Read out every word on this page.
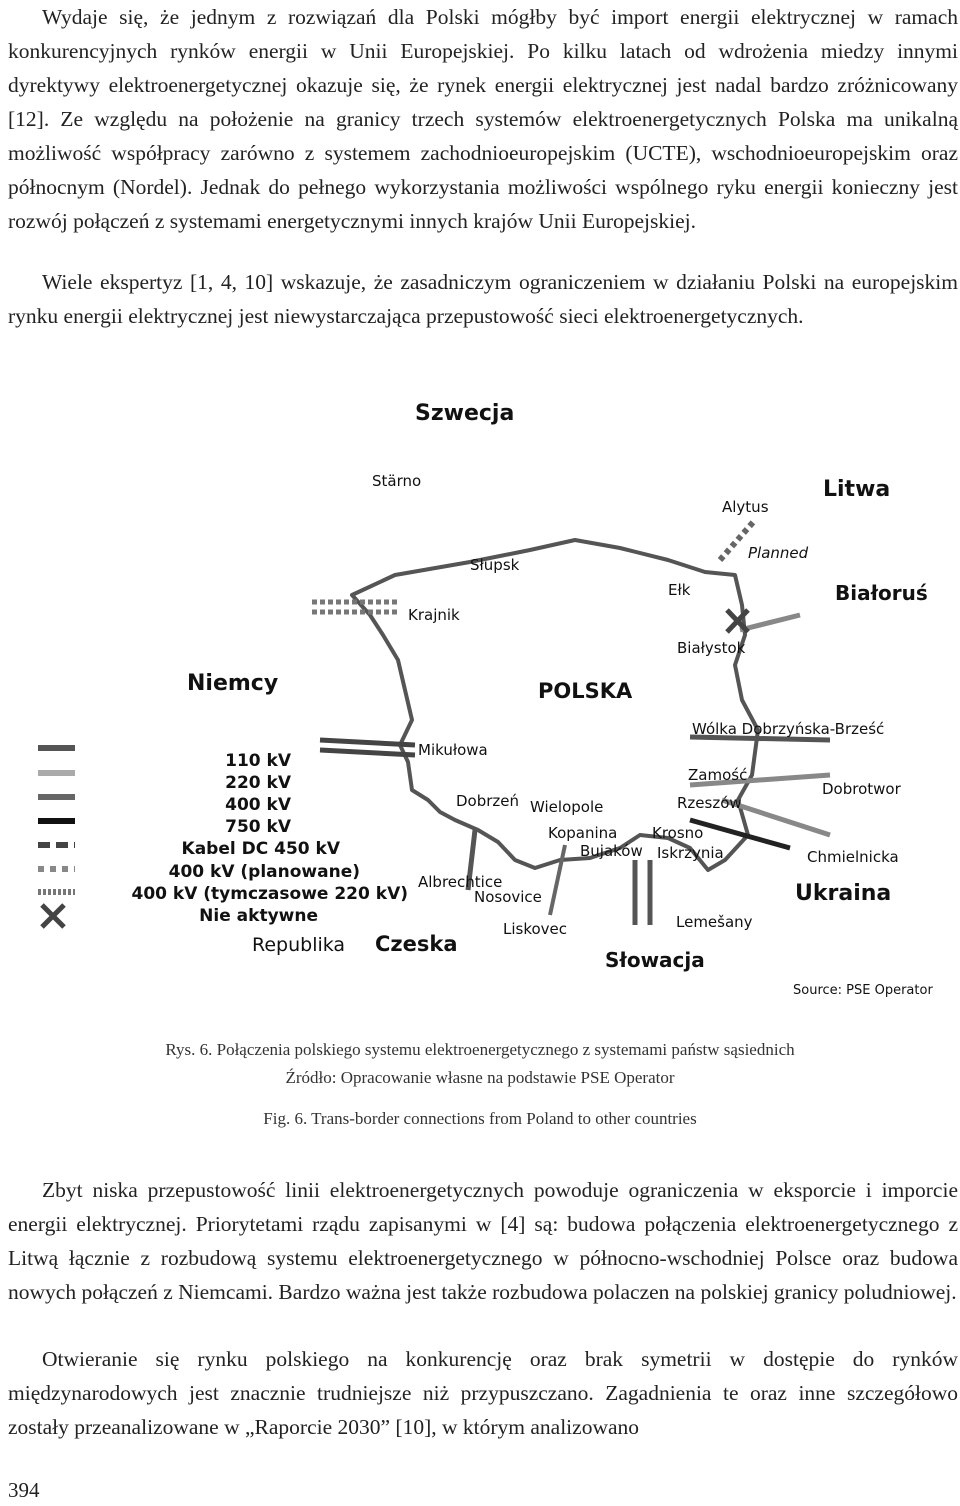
Wydaje się, że jednym z rozwiązań dla Polski mógłby być import energii elektrycznej w ramach konkurencyjnych rynków energii w Unii Europejskiej. Po kilku latach od wdrożenia miedzy innymi dyrektywy elektroenergetycznej okazuje się, że rynek energii elektrycznej jest nadal bardzo zróżnicowany [12]. Ze względu na położenie na granicy trzech systemów elektroenergetycznych Polska ma unikalną możliwość współpracy zarówno z systemem zachodnioeuropejskim (UCTE), wschodnioeuropejskim oraz północnym (Nordel). Jednak do pełnego wykorzystania możliwości wspólnego ryku energii konieczny jest rozwój połączeń z systemami energetycznymi innych krajów Unii Europejskiej.

Wiele ekspertyz [1, 4, 10] wskazuje, że zasadniczym ograniczeniem w działaniu Polski na europejskim rynku energii elektrycznej jest niewystarczająca przepustowość sieci elektroenergetycznych.

Szwecja
Litwa
Białoruś
Niemcy	POLSKA
Ukraina
Słowacja
Republika Czeska
Stärno
Alytus
Planned
Słupsk
Ełk
Krajnik
Białystok
Wólka Dobrzyńska-Brześć
Mikułowa
Zamość
Dobrotwor
Dobrzeń Wielopole	Rzeszów
Kopanina Krosno
Bujaków Iskrzynia	Chmielnicka
Albrechtice
Nosovice
Liskovec	Lemešany
110 kV
220 kV
400 kV
750 kV
Kabel DC 450 kV
400 kV (planowane)
400 kV (tymczasowe 220 kV)
Nie aktywne
Source: PSE Operator
Rys. 6. Połączenia polskiego systemu elektroenergetycznego z systemami państw sąsiednich
Źródło: Opracowanie własne na podstawie PSE Operator
Fig. 6. Trans-border connections from Poland to other countries

Zbyt niska przepustowość linii elektroenergetycznych powoduje ograniczenia w eksporcie i imporcie energii elektrycznej. Priorytetami rządu zapisanymi w [4] są: budowa połączenia elektroenergetycznego z Litwą łącznie z rozbudową systemu elektroenergetycznego w północno-wschodniej Polsce oraz budowa nowych połączeń z Niemcami. Bardzo ważna jest także rozbudowa polaczen na polskiej granicy poludniowej.

Otwieranie się rynku polskiego na konkurencję oraz brak symetrii w dostępie do rynków międzynarodowych jest znacznie trudniejsze niż przypuszczano. Zagadnienia te oraz inne szczegółowo zostały przeanalizowane w „Raporcie 2030” [10], w którym analizowano

394
